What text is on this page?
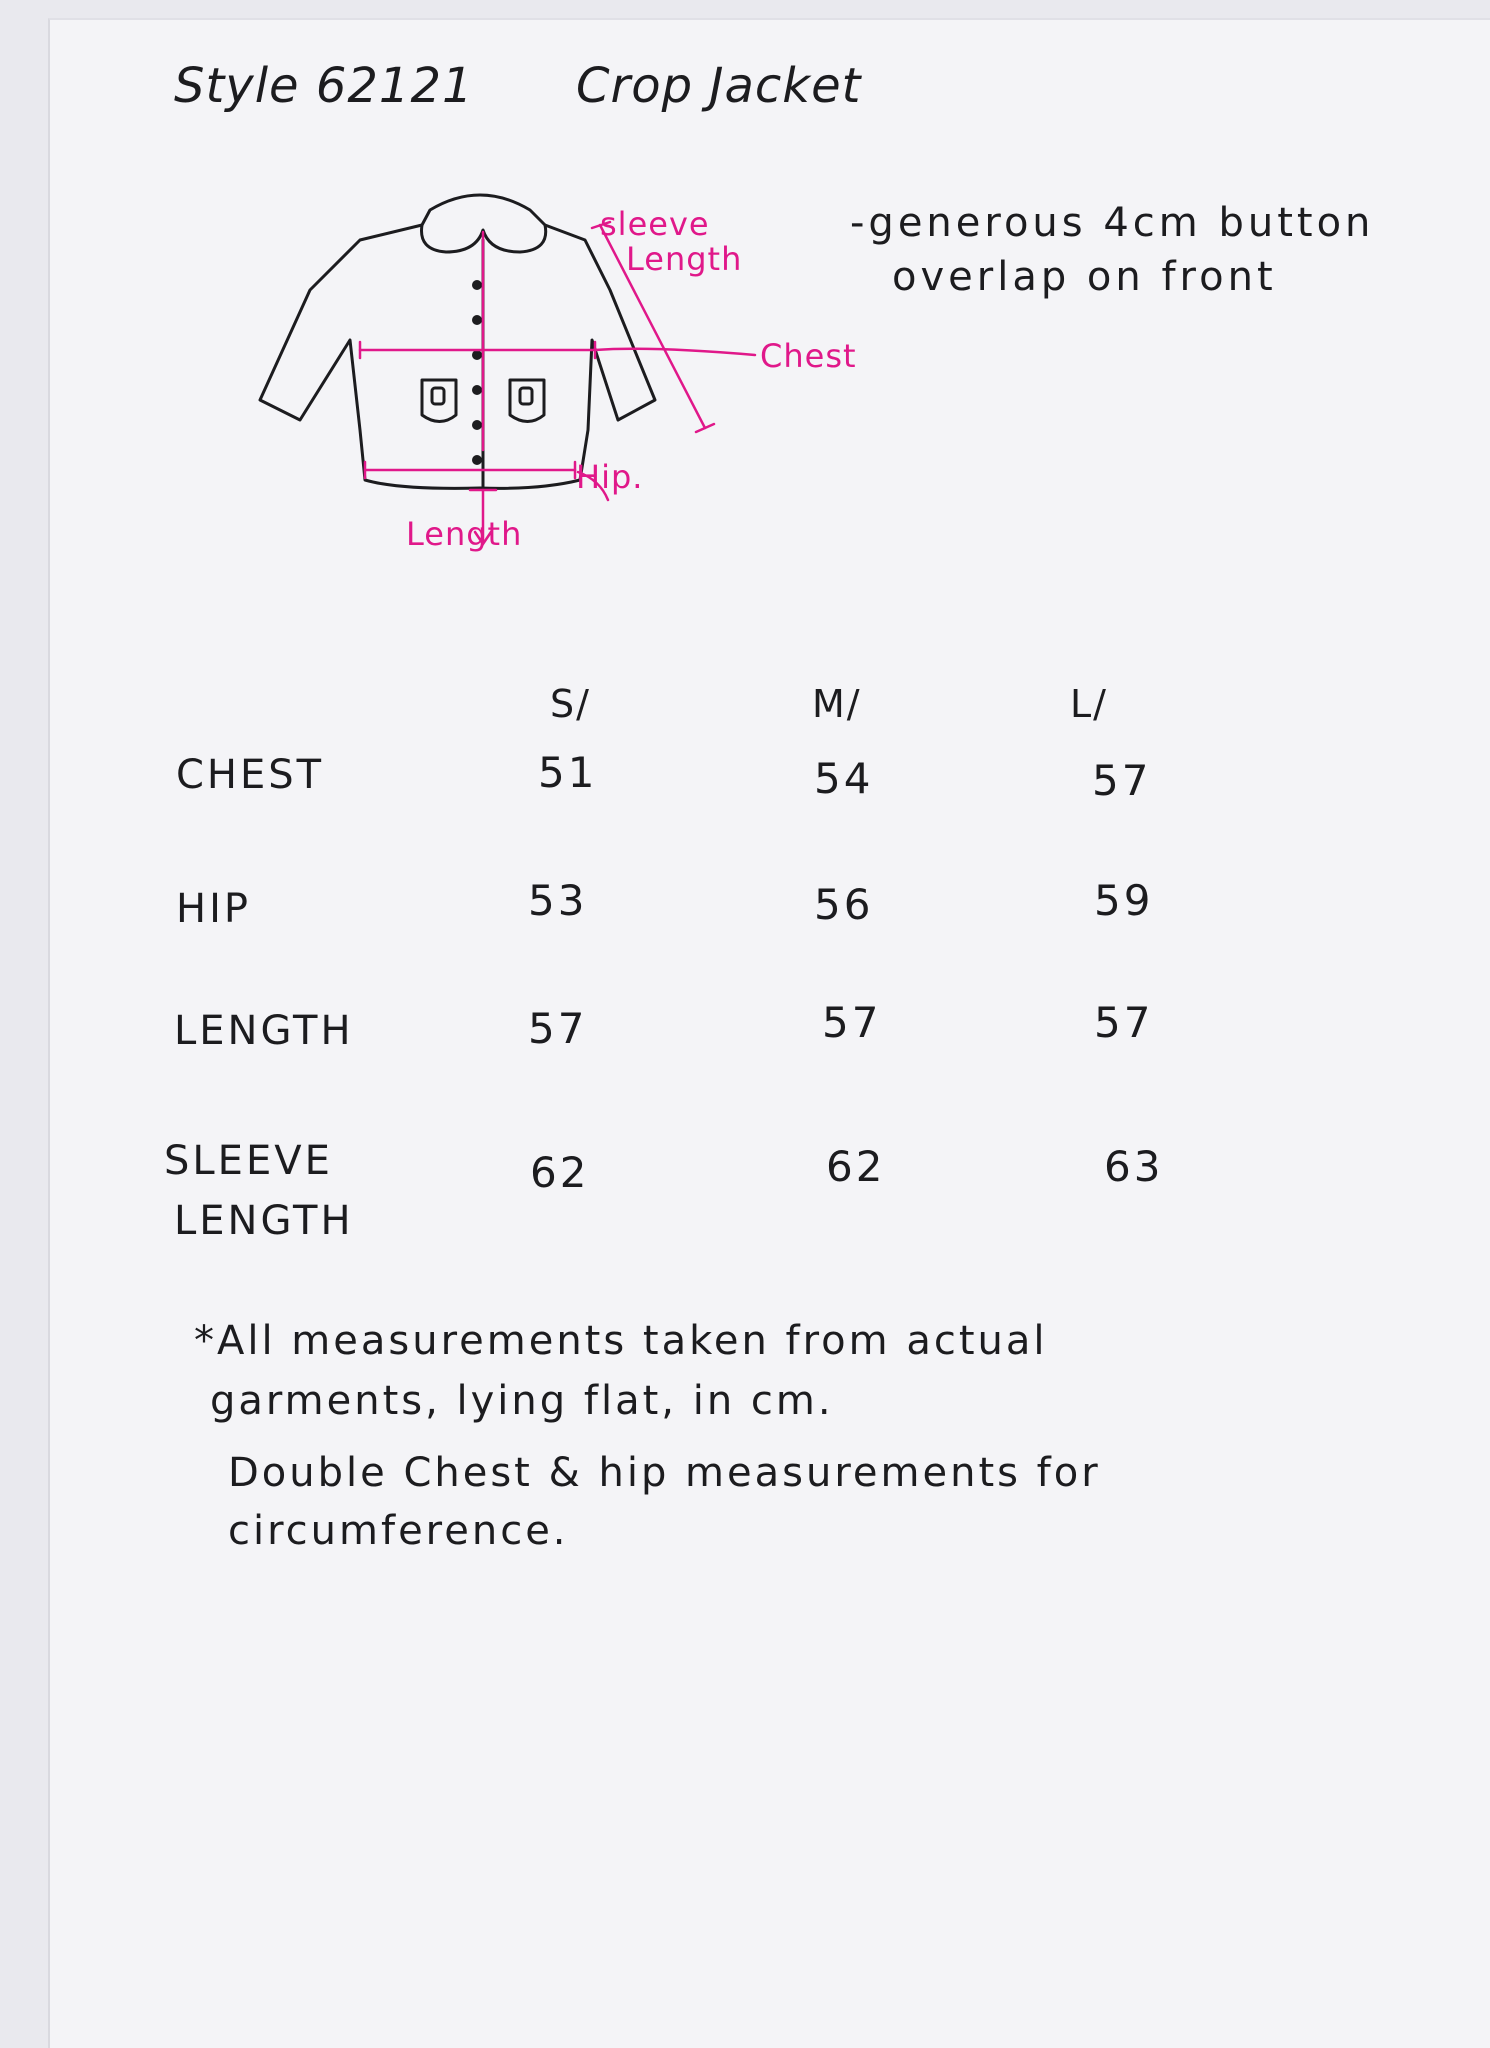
Style 62121 Crop Jacket
sleeve
Length
Chest
Hip.
Length

-generous 4cm button

overlap on front

S/	M/	L/
CHEST	51	54	57
HIP	53	56	59
LENGTH	57	57	57
SLEEVE
LENGTH
62	62	63

*All measurements taken from actual

garments, lying flat, in cm.

Double Chest & hip measurements for

circumference.
